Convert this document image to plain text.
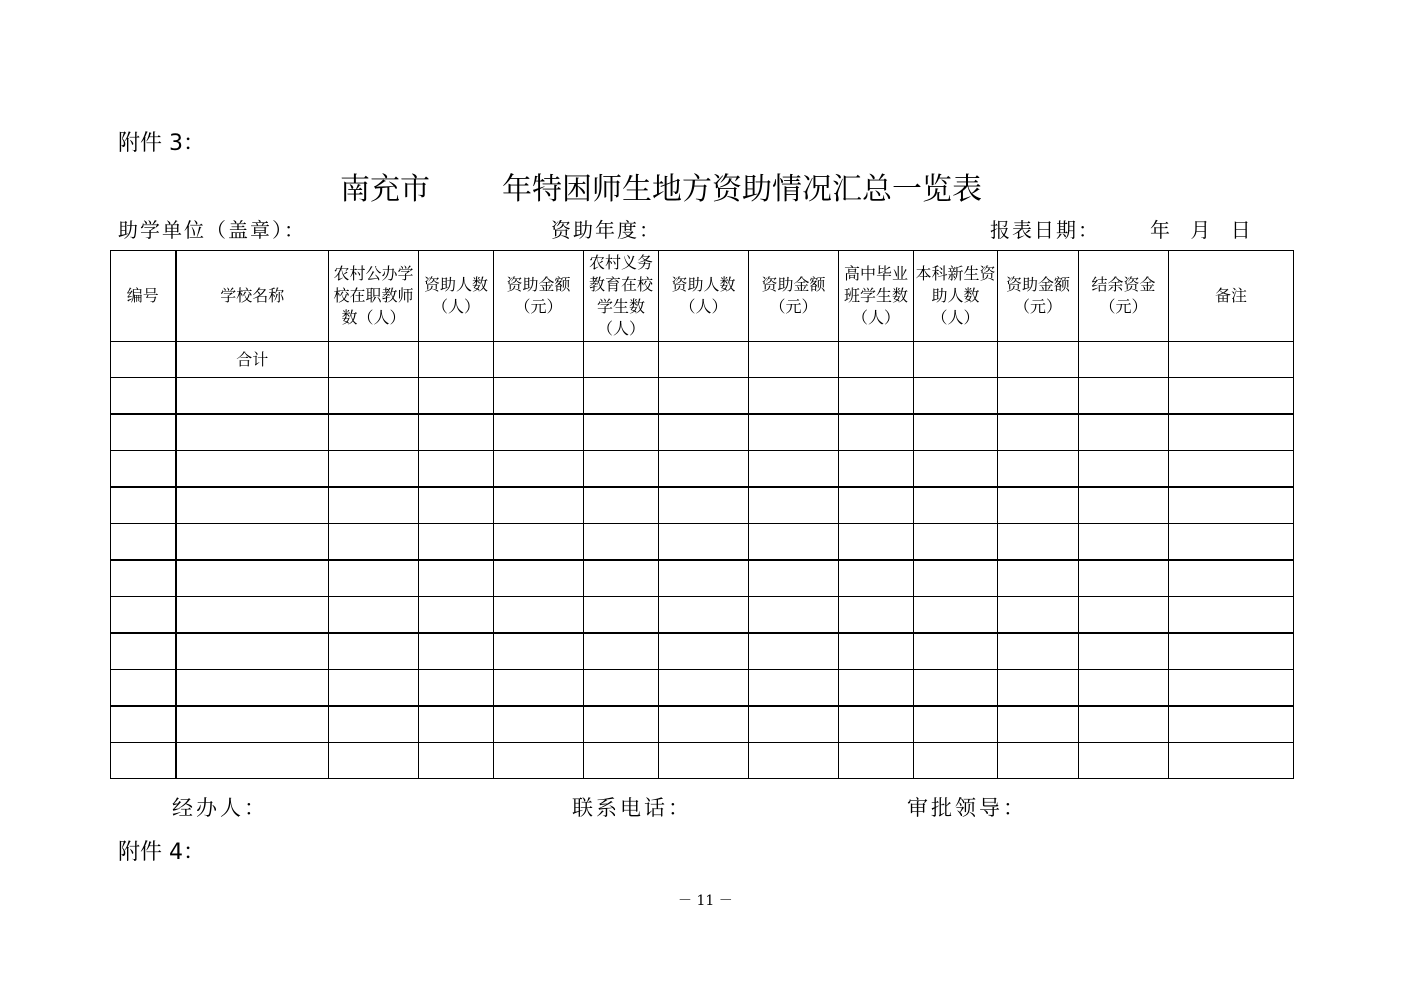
附件 3：
南充市 年特困师生地方资助情况汇总一览表
助学单位（盖章）：	资助年度：	报表日期：	年 月 日
编号	学校名称	农村公办学校在职教师数（人）	资助人数（人）	资助金额（元）	农村义务教育在校学生数（人）	资助人数（人）	资助金额（元）	高中毕业班学生数（人）	本科新生资助人数（人）	资助金额（元）	结余资金（元）	备注
	合计											

经办人：	联系电话：	审批领导：
附件 4：
－ 11 －
